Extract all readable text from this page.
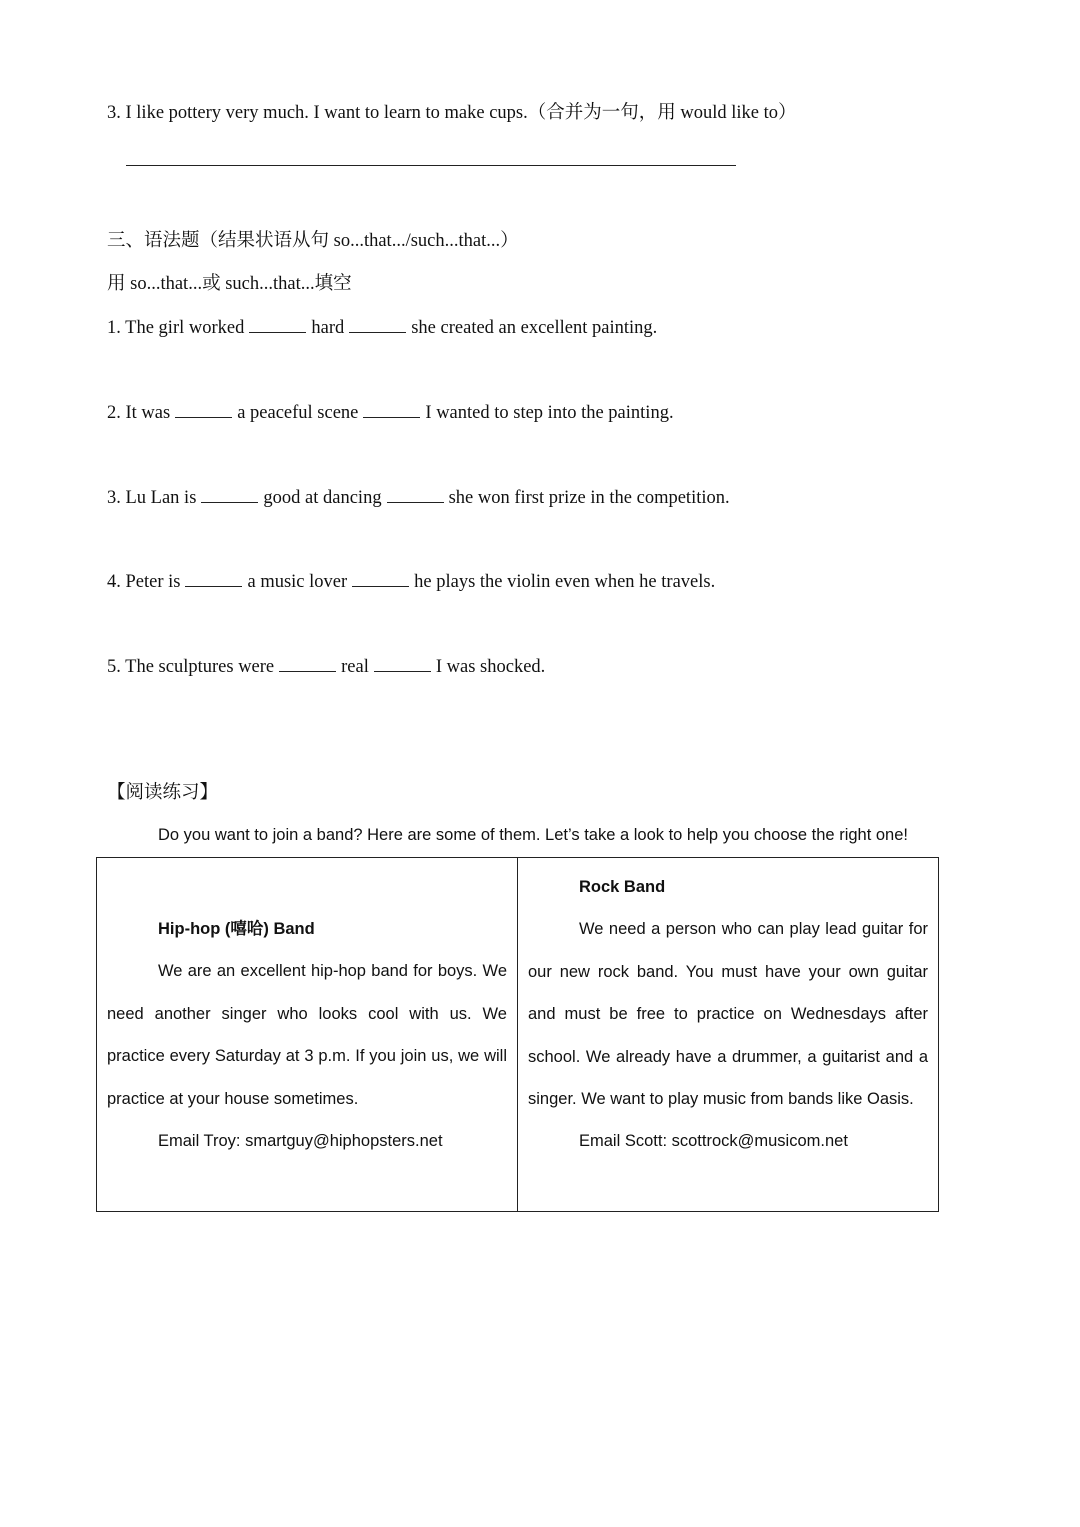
3. I like pottery very much. I want to learn to make cups.（合并为一句，用 would like to）
三、语法题（结果状语从句 so...that.../such...that...）
用 so...that...或 such...that...填空
1. The girl worked	hard	she created an excellent painting.
2. It was	a peaceful scene	I wanted to step into the painting.
3. Lu Lan is	good at dancing	she won first prize in the competition.
4. Peter is	a music lover	he plays the violin even when he travels.
5. The sculptures were	real	I was shocked.
【阅读练习】
Do you want to join a band? Here are some of them. Let’s take a look to help you choose the right one!
Hip-hop (嘻哈) Band
We are an excellent hip-hop band for boys. We need another singer who looks cool with us. We practice every Saturday at 3 p.m. If you join us, we will practice at your house sometimes.
Email Troy: smartguy@hiphopsters.net

Rock Band
We need a person who can play lead guitar for our new rock band. You must have your own guitar and must be free to practice on Wednesdays after school. We already have a drummer, a guitarist and a singer. We want to play music from bands like Oasis.
Email Scott: scottrock@musicom.net
